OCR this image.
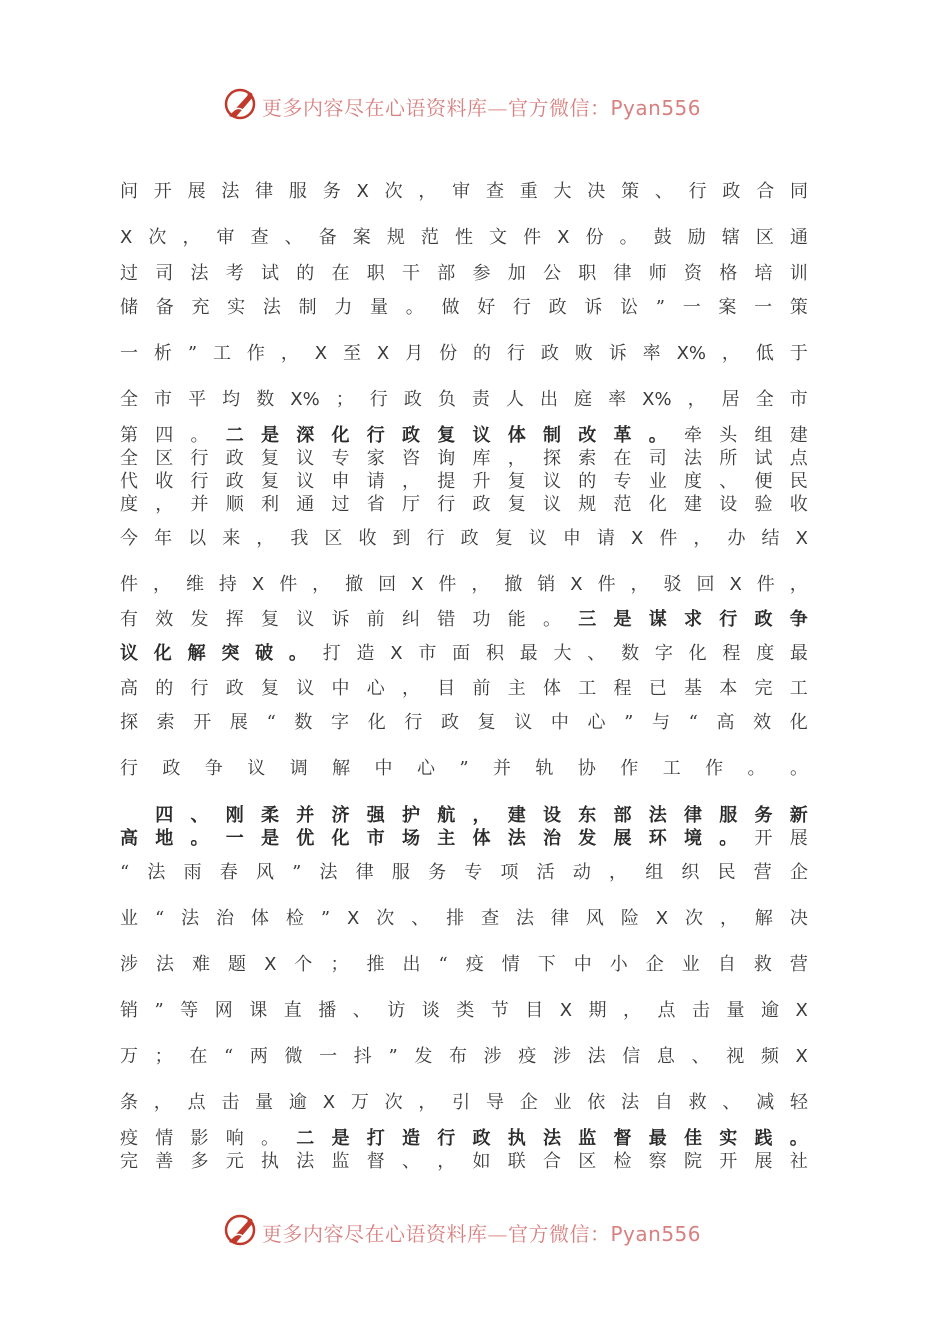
更多内容尽在心语资料库—官方微信：Pyan556
问 开 展 法 律 服 务 X 次 ， 审 查 重 大 决 策 、 行 政 合 同
X 次 ， 审 查 、 备 案 规 范 性 文 件 X 份 。 鼓 励 辖 区 通
过 司 法 考 试 的 在 职 干 部 参 加 公 职 律 师 资 格 培 训
储 备 充 实 法 制 力 量 。 做 好 行 政 诉 讼 ” 一 案 一 策
一 析 ” 工 作 ， X 至 X 月 份 的 行 政 败 诉 率 X% ， 低 于
全 市 平 均 数 X% ； 行 政 负 责 人 出 庭 率 X% ， 居 全 市
第 四 。 二 是 深 化 行 政 复 议 体 制 改 革 。 牵 头 组 建
全 区 行 政 复 议 专 家 咨 询 库 ， 探 索 在 司 法 所 试 点
代 收 行 政 复 议 申 请 ， 提 升 复 议 的 专 业 度 、 便 民
度 ， 并 顺 利 通 过 省 厅 行 政 复 议 规 范 化 建 设 验 收
今 年 以 来 ， 我 区 收 到 行 政 复 议 申 请 X 件 ， 办 结 X
件 ， 维 持 X 件 ， 撤 回 X 件 ， 撤 销 X 件 ， 驳 回 X 件 ，
有 效 发 挥 复 议 诉 前 纠 错 功 能 。 三 是 谋 求 行 政 争
议 化 解 突 破 。 打 造 X 市 面 积 最 大 、 数 字 化 程 度 最
高 的 行 政 复 议 中 心 ， 目 前 主 体 工 程 已 基 本 完 工
探 索 开 展 “ 数 字 化 行 政 复 议 中 心 ” 与 “ 高 效 化
行 政 争 议 调 解 中 心 ” 并 轨 协 作 工 作 。 。

四 、 刚 柔 并 济 强 护 航 ， 建 设 东 部 法 律 服 务 新
高 地 。 一 是 优 化 市 场 主 体 法 治 发 展 环 境 。 开 展
“ 法 雨 春 风 ” 法 律 服 务 专 项 活 动 ， 组 织 民 营 企
业 “ 法 治 体 检 ” X 次 、 排 查 法 律 风 险 X 次 ， 解 决
涉 法 难 题 X 个 ； 推 出 “ 疫 情 下 中 小 企 业 自 救 营
销 ” 等 网 课 直 播 、 访 谈 类 节 目 X 期 ， 点 击 量 逾 X
万 ； 在 “ 两 微 一 抖 ” 发 布 涉 疫 涉 法 信 息 、 视 频 X
条 ， 点 击 量 逾 X 万 次 ， 引 导 企 业 依 法 自 救 、 减 轻
疫 情 影 响 。 二 是 打 造 行 政 执 法 监 督 最 佳 实 践 。
完 善 多 元 执 法 监 督 、 ， 如 联 合 区 检 察 院 开 展 社
更多内容尽在心语资料库—官方微信：Pyan556
